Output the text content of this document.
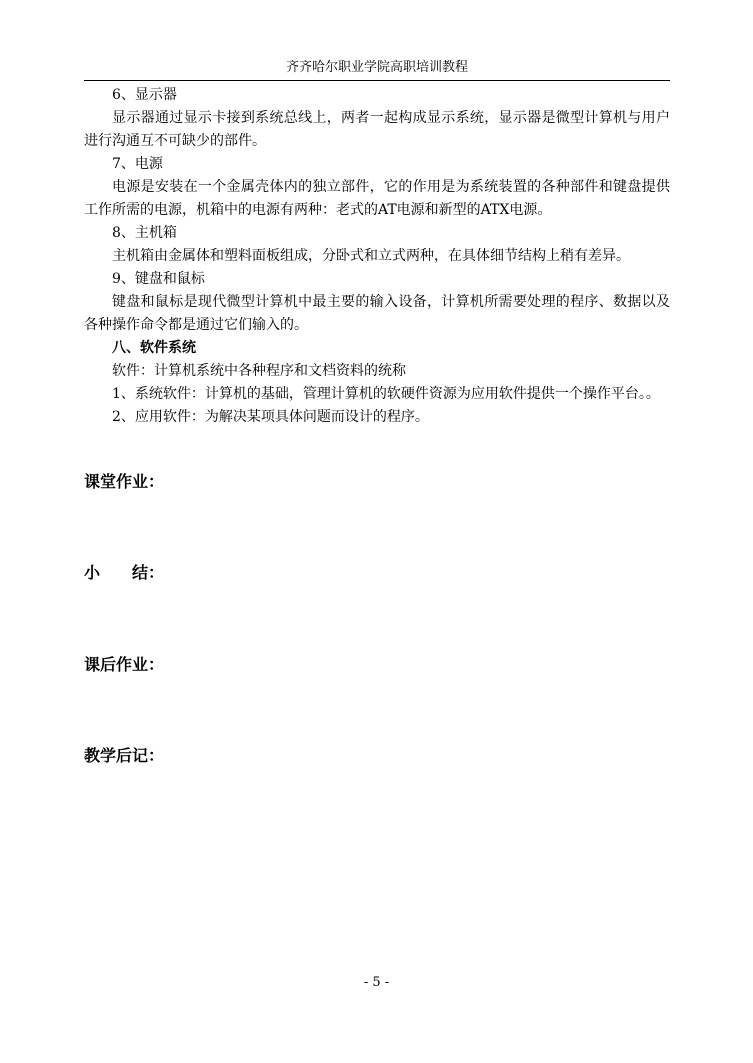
齐齐哈尔职业学院高职培训教程

6、显示器

显示器通过显示卡接到系统总线上，两者一起构成显示系统，显示器是微型计算机与用户进行沟通互不可缺少的部件。

7、电源

电源是安装在一个金属壳体内的独立部件，它的作用是为系统装置的各种部件和键盘提供工作所需的电源，机箱中的电源有两种：老式的AT电源和新型的ATX电源。

8、主机箱

主机箱由金属体和塑料面板组成，分卧式和立式两种，在具体细节结构上稍有差异。

9、键盘和鼠标

键盘和鼠标是现代微型计算机中最主要的输入设备，计算机所需要处理的程序、数据以及各种操作命令都是通过它们输入的。

八、软件系统

软件：计算机系统中各种程序和文档资料的统称

1、系统软件：计算机的基础，管理计算机的软硬件资源为应用软件提供一个操作平台。。

2、应用软件：为解决某项具体问题而设计的程序。

课堂作业：
小　　结：
课后作业：
教学后记：
- 5 -
